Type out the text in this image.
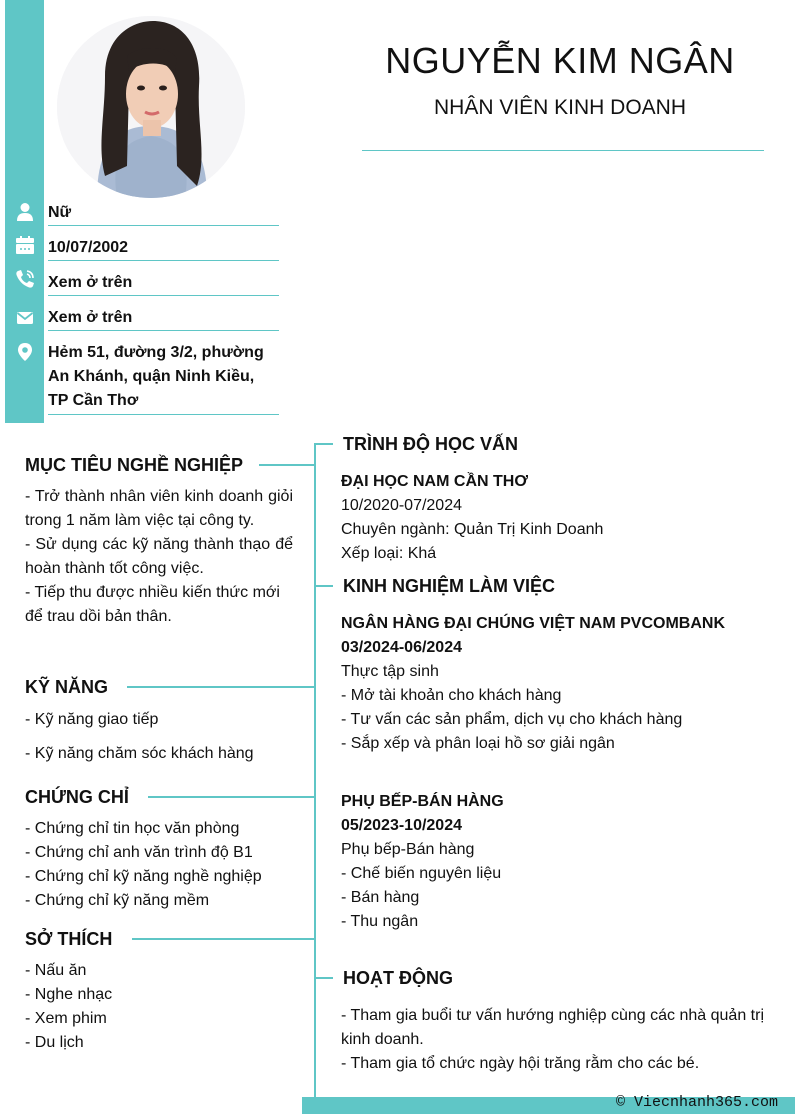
NGUYỄN KIM NGÂN
NHÂN VIÊN KINH DOANH
Nữ
10/07/2002
Xem ở trên
Xem ở trên
Hẻm 51, đường 3/2, phường An Khánh, quận Ninh Kiều, TP Cần Thơ
MỤC TIÊU NGHỀ NGHIỆP
- Trở thành nhân viên kinh doanh giỏi trong 1 năm làm việc tại công ty.
- Sử dụng các kỹ năng thành thạo để hoàn thành tốt công việc.
- Tiếp thu được nhiều kiến thức mới để trau dồi bản thân.
KỸ NĂNG
- Kỹ năng giao tiếp
- Kỹ năng chăm sóc khách hàng
CHỨNG CHỈ
- Chứng chỉ tin học văn phòng
- Chứng chỉ anh văn trình độ B1
- Chứng chỉ kỹ năng nghề nghiệp
- Chứng chỉ kỹ năng mềm
SỞ THÍCH
- Nấu ăn
- Nghe nhạc
- Xem phim
- Du lịch
TRÌNH ĐỘ HỌC VẤN
ĐẠI HỌC NAM CẦN THƠ
10/2020-07/2024
Chuyên ngành: Quản Trị Kinh Doanh
Xếp loại: Khá
KINH NGHIỆM LÀM VIỆC
NGÂN HÀNG ĐẠI CHÚNG VIỆT NAM PVCOMBANK
03/2024-06/2024
Thực tập sinh
- Mở tài khoản cho khách hàng
- Tư vấn các sản phẩm, dịch vụ cho khách hàng
- Sắp xếp và phân loại hồ sơ giải ngân
PHỤ BẾP-BÁN HÀNG
05/2023-10/2024
Phụ bếp-Bán hàng
- Chế biến nguyên liệu
- Bán hàng
- Thu ngân
HOẠT ĐỘNG
- Tham gia buổi tư vấn hướng nghiệp cùng các nhà quản trị kinh doanh.
- Tham gia tổ chức ngày hội trăng rằm cho các bé.
© Viecnhanh365.com
